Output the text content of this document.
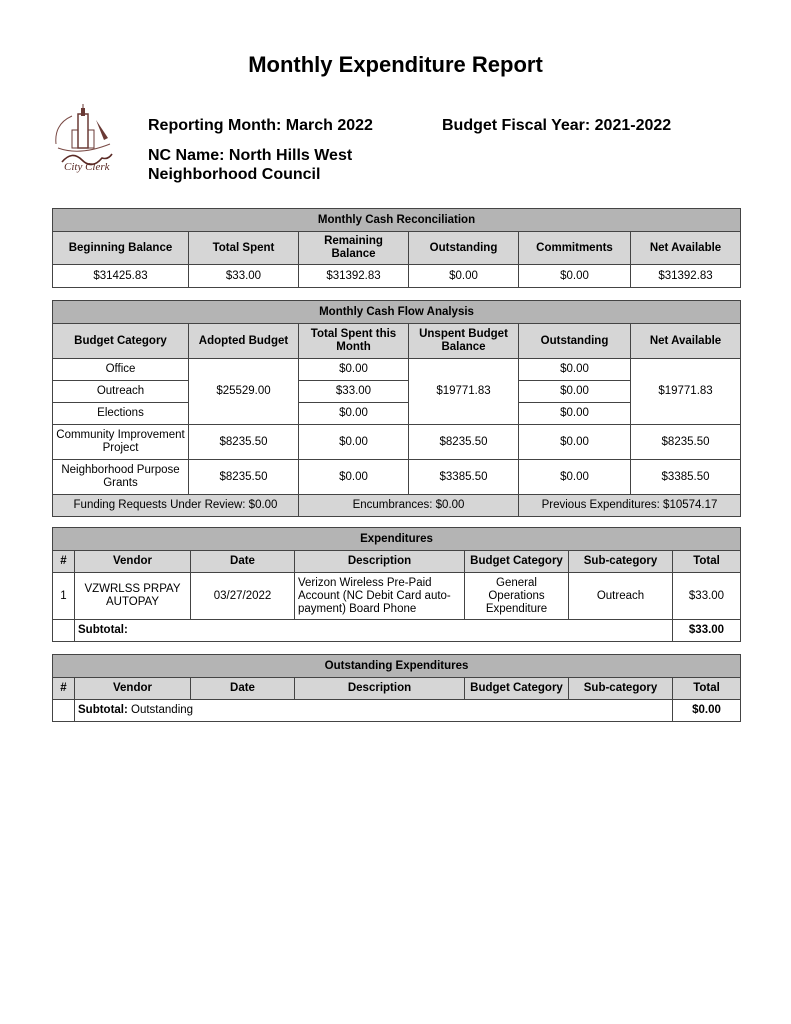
Monthly Expenditure Report
City Clerk
Reporting Month: March 2022	Budget Fiscal Year: 2021-2022
NC Name: North Hills West Neighborhood Council
Monthly Cash Reconciliation					
Beginning Balance	Total Spent	Remaining Balance	Outstanding	Commitments	Net Available
$31425.83	$33.00	$31392.83	$0.00	$0.00	$31392.83
Monthly Cash Flow Analysis					
Budget Category	Adopted Budget	Total Spent this Month	Unspent Budget Balance	Outstanding	Net Available
Office	$25529.00	$0.00	$19771.83	$0.00	$19771.83
Outreach		$33.00		$0.00	
Elections		$0.00		$0.00	
Community Improvement Project	$8235.50	$0.00	$8235.50	$0.00	$8235.50
Neighborhood Purpose Grants	$8235.50	$0.00	$3385.50	$0.00	$3385.50
Funding Requests Under Review: $0.00		Encumbrances: $0.00		Previous Expenditures: $10574.17	
Expenditures						
#	Vendor	Date	Description	Budget Category	Sub-category	Total
1	VZWRLSS PRPAY AUTOPAY	03/27/2022	Verizon Wireless Pre-Paid Account (NC Debit Card auto-payment) Board Phone	General Operations Expenditure	Outreach	$33.00
	Subtotal:					$33.00
Outstanding Expenditures						
#	Vendor	Date	Description	Budget Category	Sub-category	Total
	Subtotal: Outstanding					$0.00
